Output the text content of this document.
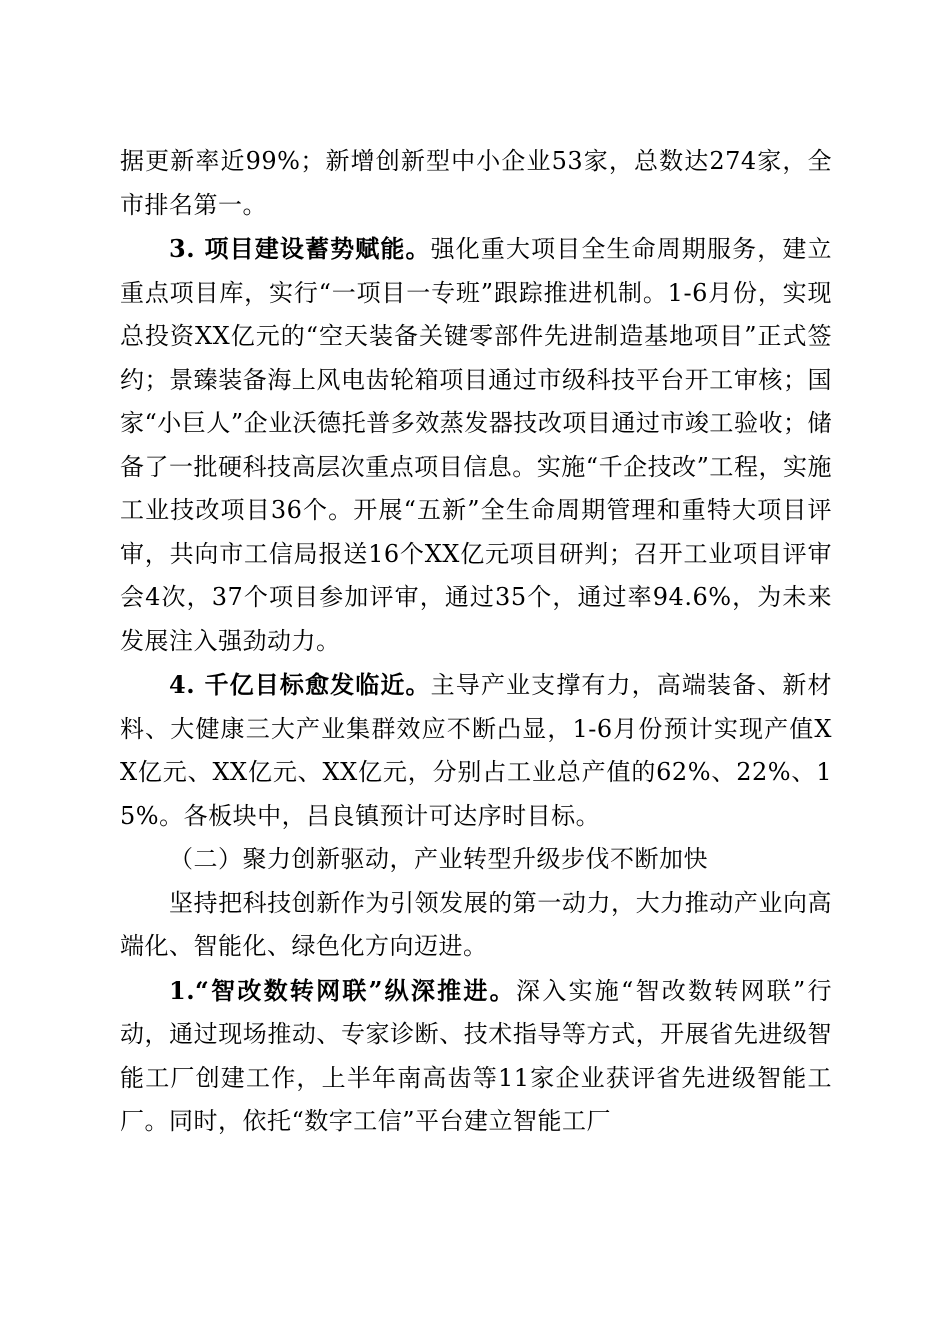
据更新率近99%；新增创新型中小企业53家，总数达274家，全市排名第一。

3. 项目建设蓄势赋能。强化重大项目全生命周期服务，建立重点项目库，实行“一项目一专班”跟踪推进机制。1-6月份，实现总投资XX亿元的“空天装备关键零部件先进制造基地项目”正式签约；景臻装备海上风电齿轮箱项目通过市级科技平台开工审核；国家“小巨人”企业沃德托普多效蒸发器技改项目通过市竣工验收；储备了一批硬科技高层次重点项目信息。实施“千企技改”工程，实施工业技改项目36个。开展“五新”全生命周期管理和重特大项目评审，共向市工信局报送16个XX亿元项目研判；召开工业项目评审会4次，37个项目参加评审，通过35个，通过率94.6%，为未来发展注入强劲动力。

4. 千亿目标愈发临近。主导产业支撑有力，高端装备、新材料、大健康三大产业集群效应不断凸显，1-6月份预计实现产值XX亿元、XX亿元、XX亿元，分别占工业总产值的62%、22%、15%。各板块中，吕良镇预计可达序时目标。

（二）聚力创新驱动，产业转型升级步伐不断加快

坚持把科技创新作为引领发展的第一动力，大力推动产业向高端化、智能化、绿色化方向迈进。

1.“智改数转网联”纵深推进。深入实施“智改数转网联”行动，通过现场推动、专家诊断、技术指导等方式，开展省先进级智能工厂创建工作，上半年南高齿等11家企业获评省先进级智能工厂。同时，依托“数字工信”平台建立智能工厂
